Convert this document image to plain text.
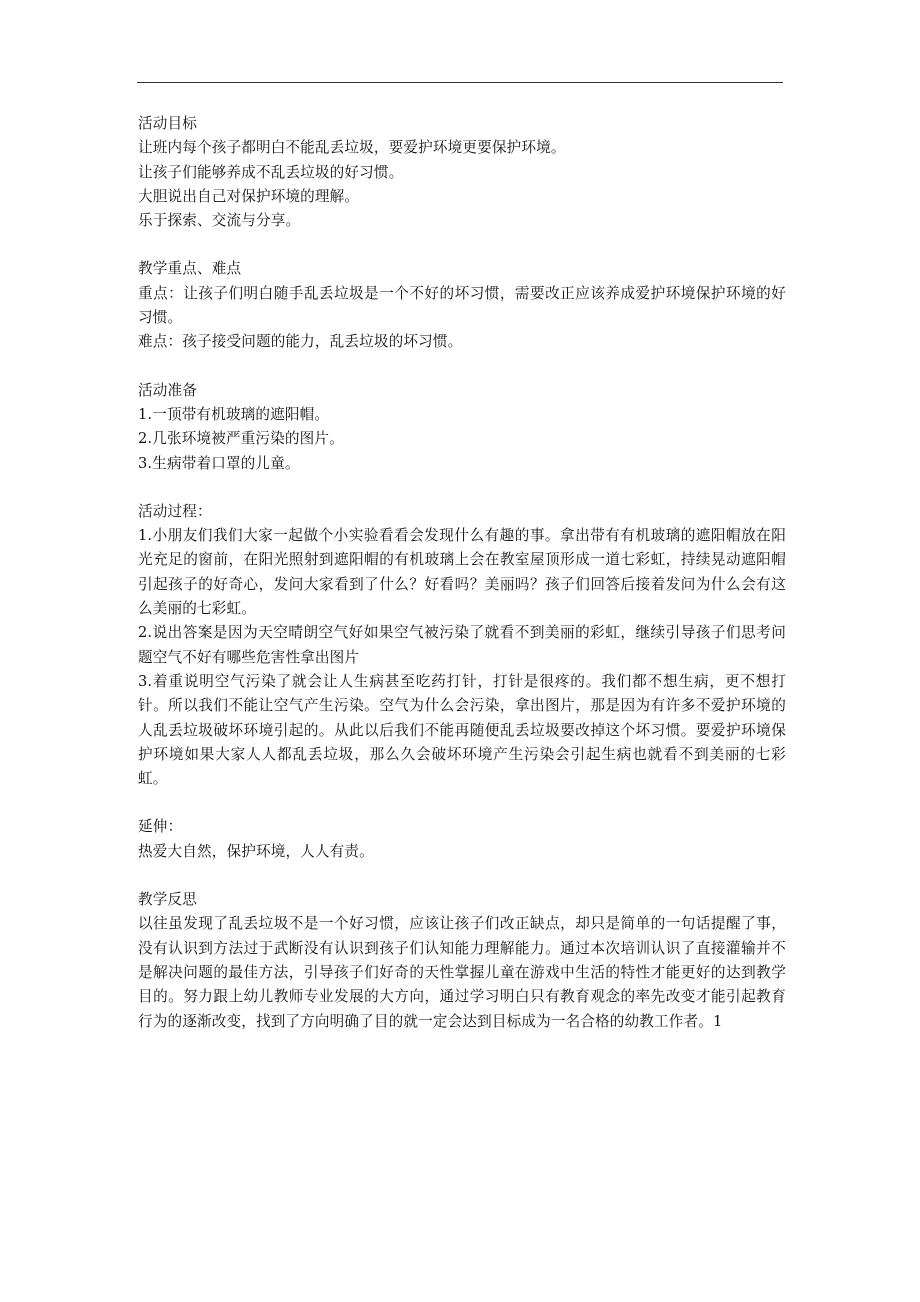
活动目标
让班内每个孩子都明白不能乱丢垃圾，要爱护环境更要保护环境。
让孩子们能够养成不乱丢垃圾的好习惯。
大胆说出自己对保护环境的理解。
乐于探索、交流与分享。
教学重点、难点

重点：让孩子们明白随手乱丢垃圾是一个不好的坏习惯，需要改正应该养成爱护环境保护环境的好习惯。

难点：孩子接受问题的能力，乱丢垃圾的坏习惯。

活动准备
1.一顶带有机玻璃的遮阳帽。
2.几张环境被严重污染的图片。
3.生病带着口罩的儿童。
活动过程：

1.小朋友们我们大家一起做个小实验看看会发现什么有趣的事。拿出带有有机玻璃的遮阳帽放在阳光充足的窗前，在阳光照射到遮阳帽的有机玻璃上会在教室屋顶形成一道七彩虹，持续晃动遮阳帽引起孩子的好奇心，发问大家看到了什么？好看吗？美丽吗？孩子们回答后接着发问为什么会有这么美丽的七彩虹。

2.说出答案是因为天空晴朗空气好如果空气被污染了就看不到美丽的彩虹，继续引导孩子们思考问题空气不好有哪些危害性拿出图片

3.着重说明空气污染了就会让人生病甚至吃药打针，打针是很疼的。我们都不想生病，更不想打针。所以我们不能让空气产生污染。空气为什么会污染，拿出图片，那是因为有许多不爱护环境的人乱丢垃圾破坏环境引起的。从此以后我们不能再随便乱丢垃圾要改掉这个坏习惯。要爱护环境保护环境如果大家人人都乱丢垃圾，那么久会破坏环境产生污染会引起生病也就看不到美丽的七彩虹。

延伸：
热爱大自然，保护环境，人人有责。
教学反思

以往虽发现了乱丢垃圾不是一个好习惯，应该让孩子们改正缺点，却只是简单的一句话提醒了事，没有认识到方法过于武断没有认识到孩子们认知能力理解能力。通过本次培训认识了直接灌输并不是解决问题的最佳方法，引导孩子们好奇的天性掌握儿童在游戏中生活的特性才能更好的达到教学目的。努力跟上幼儿教师专业发展的大方向，通过学习明白只有教育观念的率先改变才能引起教育行为的逐渐改变，找到了方向明确了目的就一定会达到目标成为一名合格的幼教工作者。1
